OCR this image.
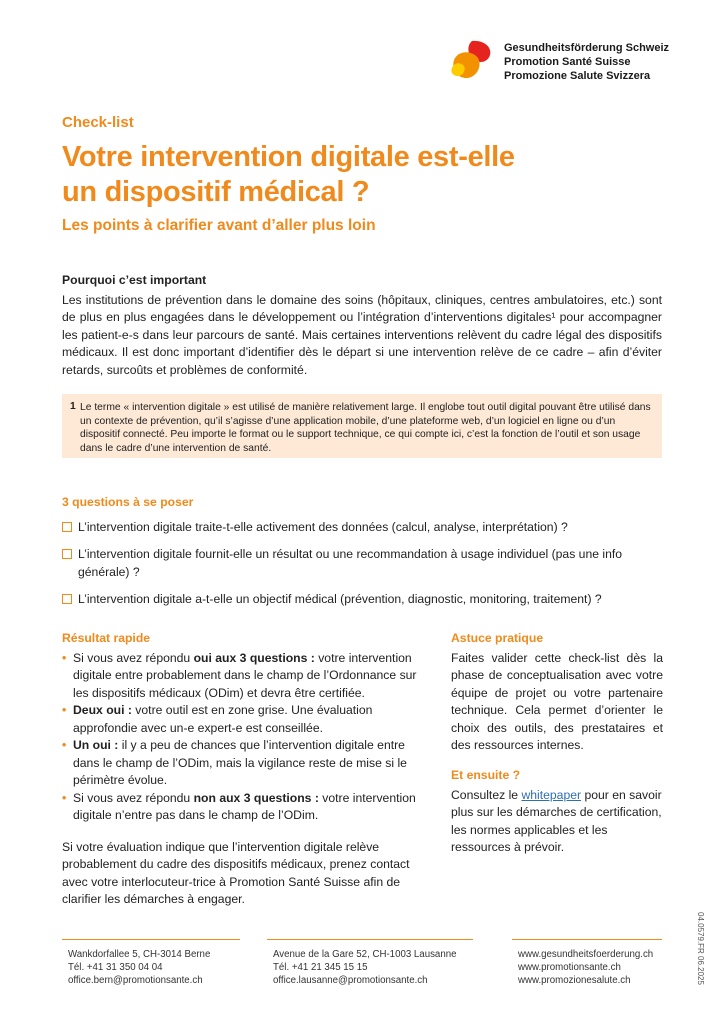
Gesundheitsförderung Schweiz
Promotion Santé Suisse
Promozione Salute Svizzera
Check-list
Votre intervention digitale est-elle
un dispositif médical ?
Les points à clarifier avant d’aller plus loin
Pourquoi c’est important

Les institutions de prévention dans le domaine des soins (hôpitaux, cliniques, centres ambulatoires, etc.) sont de plus en plus engagées dans le développement ou l’intégration d’interventions digitales¹ pour accompagner les patient-e-s dans leur parcours de santé. Mais certaines interventions relèvent du cadre légal des dispositifs médicaux. Il est donc important d’identifier dès le départ si une intervention relève de ce cadre – afin d’éviter retards, surcoûts et problèmes de conformité.

1 Le terme « intervention digitale » est utilisé de manière relativement large. Il englobe tout outil digital pouvant être utilisé dans un contexte de prévention, qu’il s’agisse d’une application mobile, d’une plateforme web, d’un logiciel en ligne ou d’un dispositif connecté. Peu importe le format ou le support technique, ce qui compte ici, c’est la fonction de l’outil et son usage dans le cadre d’une intervention de santé.
3 questions à se poser
L’intervention digitale traite-t-elle activement des données (calcul, analyse, interprétation) ?
L’intervention digitale fournit-elle un résultat ou une recommandation à usage individuel (pas une info générale) ?
L’intervention digitale a-t-elle un objectif médical (prévention, diagnostic, monitoring, traitement) ?
Résultat rapide
• Si vous avez répondu oui aux 3 questions : votre intervention digitale entre probablement dans le champ de l’Ordonnance sur les dispositifs médicaux (ODim) et devra être certifiée.
• Deux oui : votre outil est en zone grise. Une évaluation approfondie avec un-e expert-e est conseillée.
• Un oui : il y a peu de chances que l’intervention digitale entre dans le champ de l’ODim, mais la vigilance reste de mise si le périmètre évolue.
• Si vous avez répondu non aux 3 questions : votre intervention digitale n’entre pas dans le champ de l’ODim.

Si votre évaluation indique que l’intervention digitale relève probablement du cadre des dispositifs médicaux, prenez contact avec votre interlocuteur-trice à Promotion Santé Suisse afin de clarifier les démarches à engager.

Astuce pratique

Faites valider cette check-list dès la phase de conceptualisation avec votre équipe de projet ou votre partenaire technique. Cela permet d’orienter le choix des outils, des prestataires et des ressources internes.

Et ensuite ?

Consultez le whitepaper pour en savoir plus sur les démarches de certification, les normes applicables et les ressources à prévoir.

Wankdorfallee 5, CH-3014 Berne
Tél. +41 31 350 04 04
office.bern@promotionsante.ch
Avenue de la Gare 52, CH-1003 Lausanne
Tél. +41 21 345 15 15
office.lausanne@promotionsante.ch
www.gesundheitsfoerderung.ch
www.promotionsante.ch
www.promozionesalute.ch	04.0579.FR 06.2025
